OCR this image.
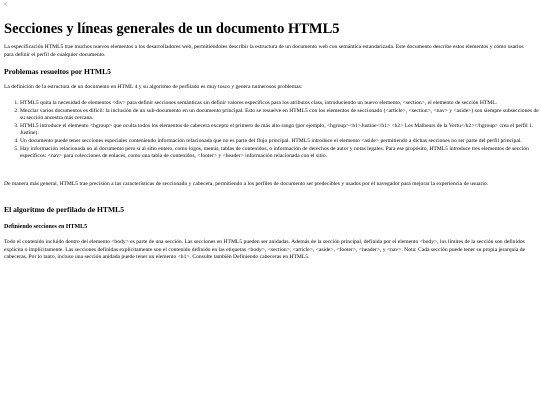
<
Secciones y líneas generales de un documento HTML5

La especificación HTML5 trae muchos nuevos elementos a los desarrolladores web, permitiéndoles describir la estructura de un documento web con semántica estandarizada. Este documento describe estos elementos y cómo usarlos para definir el perfil de cualquier documento.

Problemas resueltos por HTML5

La definición de la estructura de un documento en HTML 4 y su algoritmo de perfilado es muy tosco y genera numerosos problemas:

1. HTML5 quita la necesidad de elementos <div> para definir secciones semánticas sin definir valores específicos para los atributos class, introduciendo un nuevo elemento, <section>, el elemento de sección HTML.
2. Mezclar varios documentos es difícil: la inclusión de un sub-documento en un documento principal. Esto se resuelve en HTML5 con los elementos de seccionado (<article>, <section>, <nav> y <aside>) son siempre subsecciones de su sección ancestra más cercana.
3. HTML5 introduce el elemento <hgroup> que oculta todos los elementos de cabecera excepto el primero de más alto rango (por ejemplo, <hgroup><h1>Justine</h1> <h2> Les Malheurs de la Vertu</h2></hgroup> crea el perfil 1. Justine).
4. Un documento puede tener secciones especiales conteniendo información relacionada que no es parte del flujo principal. HTML5 introduce el elemento <aside> permitiendo a dichas secciones no ser parte del perfil principal.
5. Hay información relacionada no al documento pero sí al sitio entero, como logos, menús, tablas de contenidos, o información de derechos de autor y notas legales. Para ese propósito, HTML5 introduce tres elementos de sección específicos: <nav> para colecciones de enlaces, como una tabla de contenidos, <footer> y <header> información relacionada con el sitio.

De manera más general, HTML5 trae precisión a las características de seccionado y cabecera, permitiendo a los perfiles de documento ser predecibles y usados por el navegador para mejorar la experiencia de usuario.

El algoritmo de perfilado de HTML5
Definiendo secciones en HTML5

Todo el contenido incluido dentro del elemento <body> es parte de una sección. Las secciones en HTML5 pueden ser anidadas. Además de la sección principal, definida por el elemento <body>, los límites de la sección son definidos explícita o implícitamente. Las secciones definidas explícitamente son el contenido definido en las etiquetas <body>, <section>, <article>, <aside>, <footer>, <header>, y <nav>. Nota: Cada sección puede tener su propia jerarquía de cabeceras. Por lo tanto, incluso una sección anidada puede tener un elemento <h1>. Consulte también Definiendo cabeceras en HTML5.
